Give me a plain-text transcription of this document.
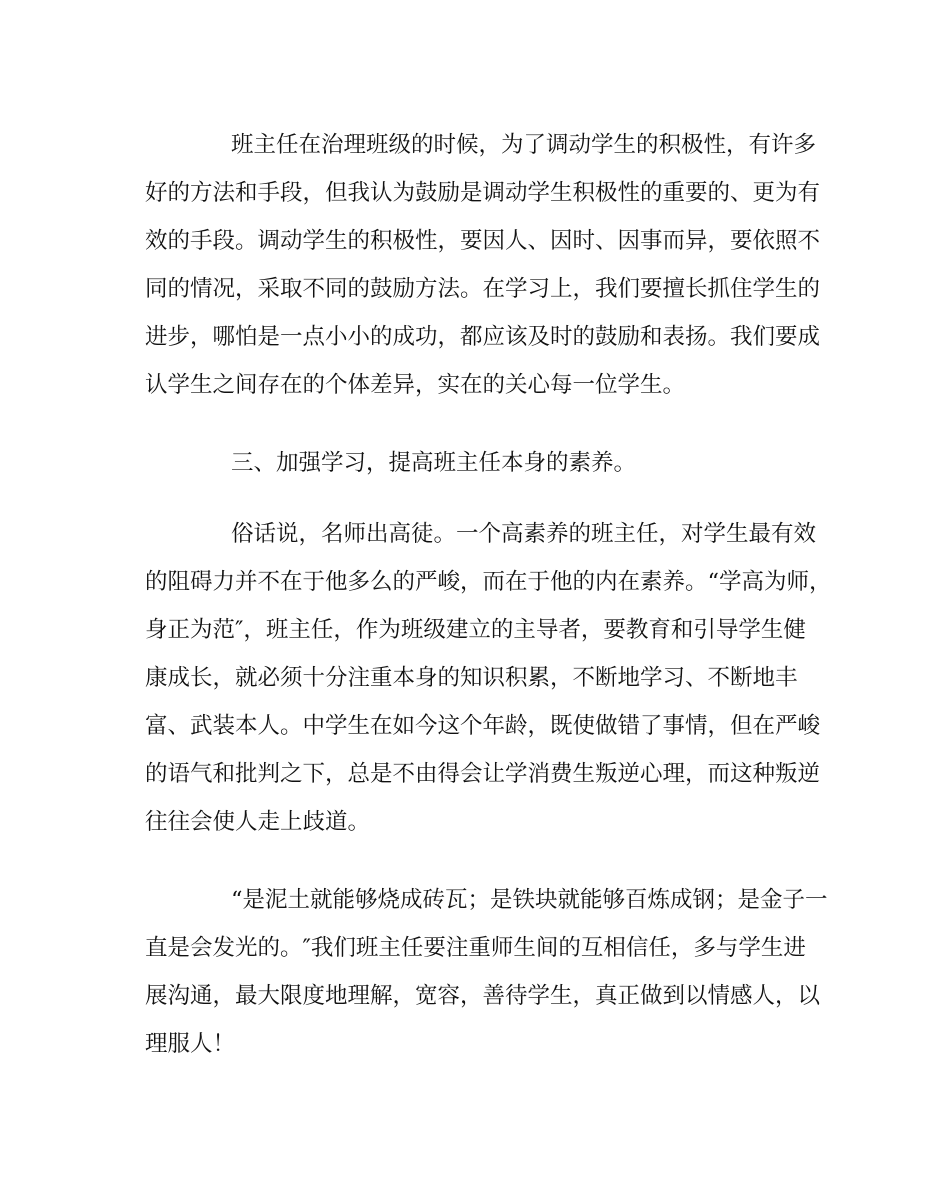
班主任在治理班级的时候，为了调动学生的积极性，有许多
好的方法和手段，但我认为鼓励是调动学生积极性的重要的、更为有
效的手段。调动学生的积极性，要因人、因时、因事而异，要依照不
同的情况，采取不同的鼓励方法。在学习上，我们要擅长抓住学生的
进步，哪怕是一点小小的成功，都应该及时的鼓励和表扬。我们要成
认学生之间存在的个体差异，实在的关心每一位学生。
三、加强学习，提高班主任本身的素养。
俗话说，名师出高徒。一个高素养的班主任，对学生最有效
的阻碍力并不在于他多么的严峻，而在于他的内在素养。“学高为师，
身正为范″，班主任，作为班级建立的主导者，要教育和引导学生健
康成长，就必须十分注重本身的知识积累，不断地学习、不断地丰
富、武装本人。中学生在如今这个年龄，既使做错了事情，但在严峻
的语气和批判之下，总是不由得会让学消费生叛逆心理，而这种叛逆
往往会使人走上歧道。
“是泥土就能够烧成砖瓦；是铁块就能够百炼成钢；是金子一
直是会发光的。″我们班主任要注重师生间的互相信任，多与学生进
展沟通，最大限度地理解，宽容，善待学生，真正做到以情感人，以
理服人！
